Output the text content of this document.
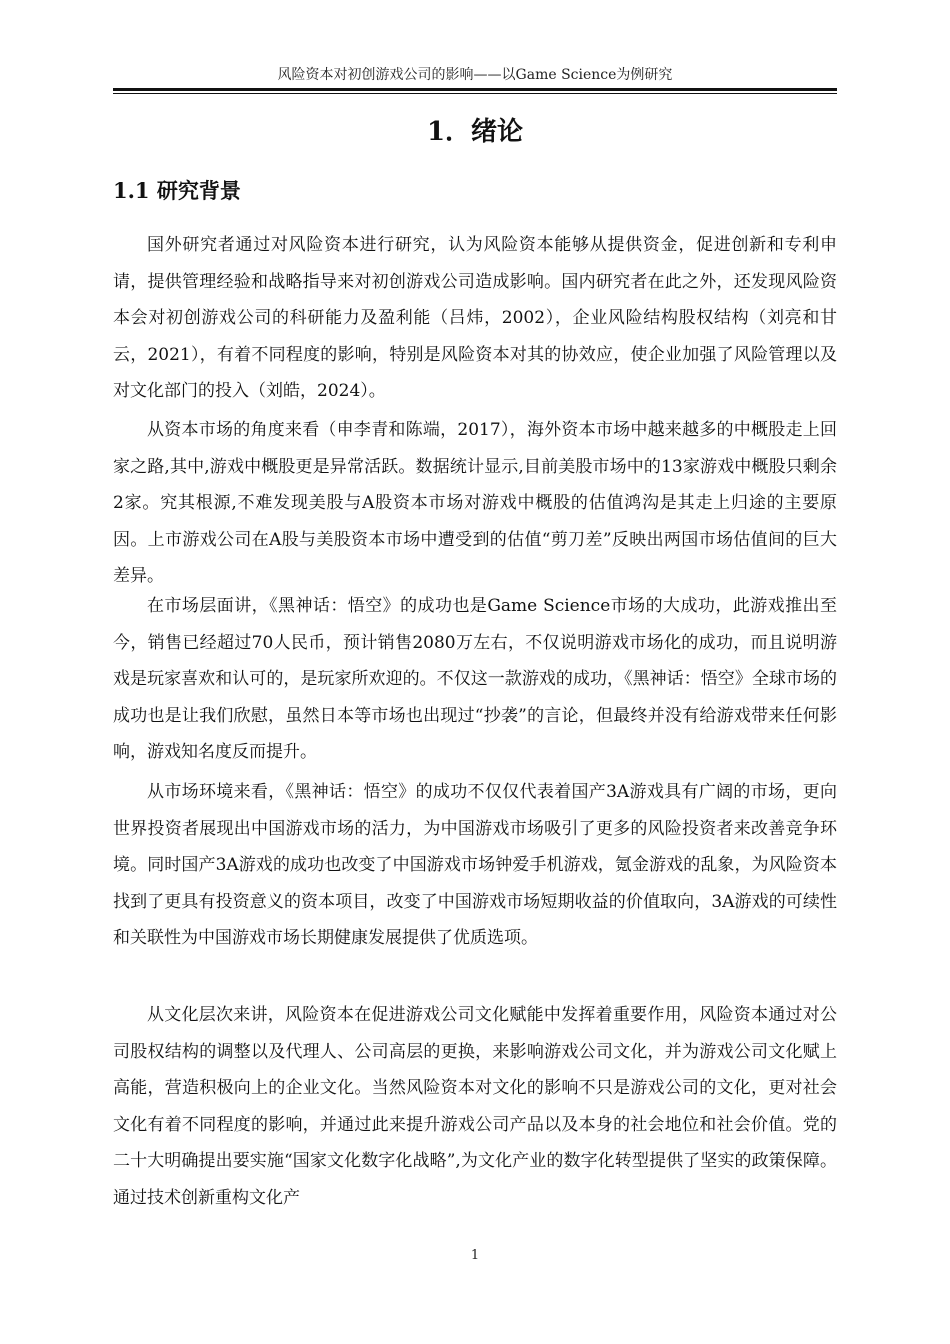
风险资本对初创游戏公司的影响——以Game Science为例研究
1．绪论
1.1 研究背景

国外研究者通过对风险资本进行研究，认为风险资本能够从提供资金，促进创新和专利申请，提供管理经验和战略指导来对初创游戏公司造成影响。国内研究者在此之外，还发现风险资本会对初创游戏公司的科研能力及盈利能（吕炜，2002），企业风险结构股权结构（刘亮和甘云，2021），有着不同程度的影响，特别是风险资本对其的协效应，使企业加强了风险管理以及对文化部门的投入（刘皓，2024）。

从资本市场的角度来看（申李青和陈端，2017），海外资本市场中越来越多的中概股走上回家之路,其中,游戏中概股更是异常活跃。数据统计显示,目前美股市场中的13家游戏中概股只剩余2家。究其根源,不难发现美股与A股资本市场对游戏中概股的估值鸿沟是其走上归途的主要原因。上市游戏公司在A股与美股资本市场中遭受到的估值“剪刀差”反映出两国市场估值间的巨大差异。

在市场层面讲，《黑神话：悟空》的成功也是Game Science市场的大成功，此游戏推出至今，销售已经超过70人民币，预计销售2080万左右，不仅说明游戏市场化的成功，而且说明游戏是玩家喜欢和认可的，是玩家所欢迎的。不仅这一款游戏的成功，《黑神话：悟空》全球市场的成功也是让我们欣慰，虽然日本等市场也出现过“抄袭”的言论，但最终并没有给游戏带来任何影响，游戏知名度反而提升。

从市场环境来看，《黑神话：悟空》的成功不仅仅代表着国产3A游戏具有广阔的市场，更向世界投资者展现出中国游戏市场的活力，为中国游戏市场吸引了更多的风险投资者来改善竞争环境。同时国产3A游戏的成功也改变了中国游戏市场钟爱手机游戏，氪金游戏的乱象，为风险资本找到了更具有投资意义的资本项目，改变了中国游戏市场短期收益的价值取向，3A游戏的可续性和关联性为中国游戏市场长期健康发展提供了优质选项。

从文化层次来讲，风险资本在促进游戏公司文化赋能中发挥着重要作用，风险资本通过对公司股权结构的调整以及代理人、公司高层的更换，来影响游戏公司文化，并为游戏公司文化赋上高能，营造积极向上的企业文化。当然风险资本对文化的影响不只是游戏公司的文化，更对社会文化有着不同程度的影响，并通过此来提升游戏公司产品以及本身的社会地位和社会价值。党的二十大明确提出要实施“国家文化数字化战略”,为文化产业的数字化转型提供了坚实的政策保障。通过技术创新重构文化产

1
